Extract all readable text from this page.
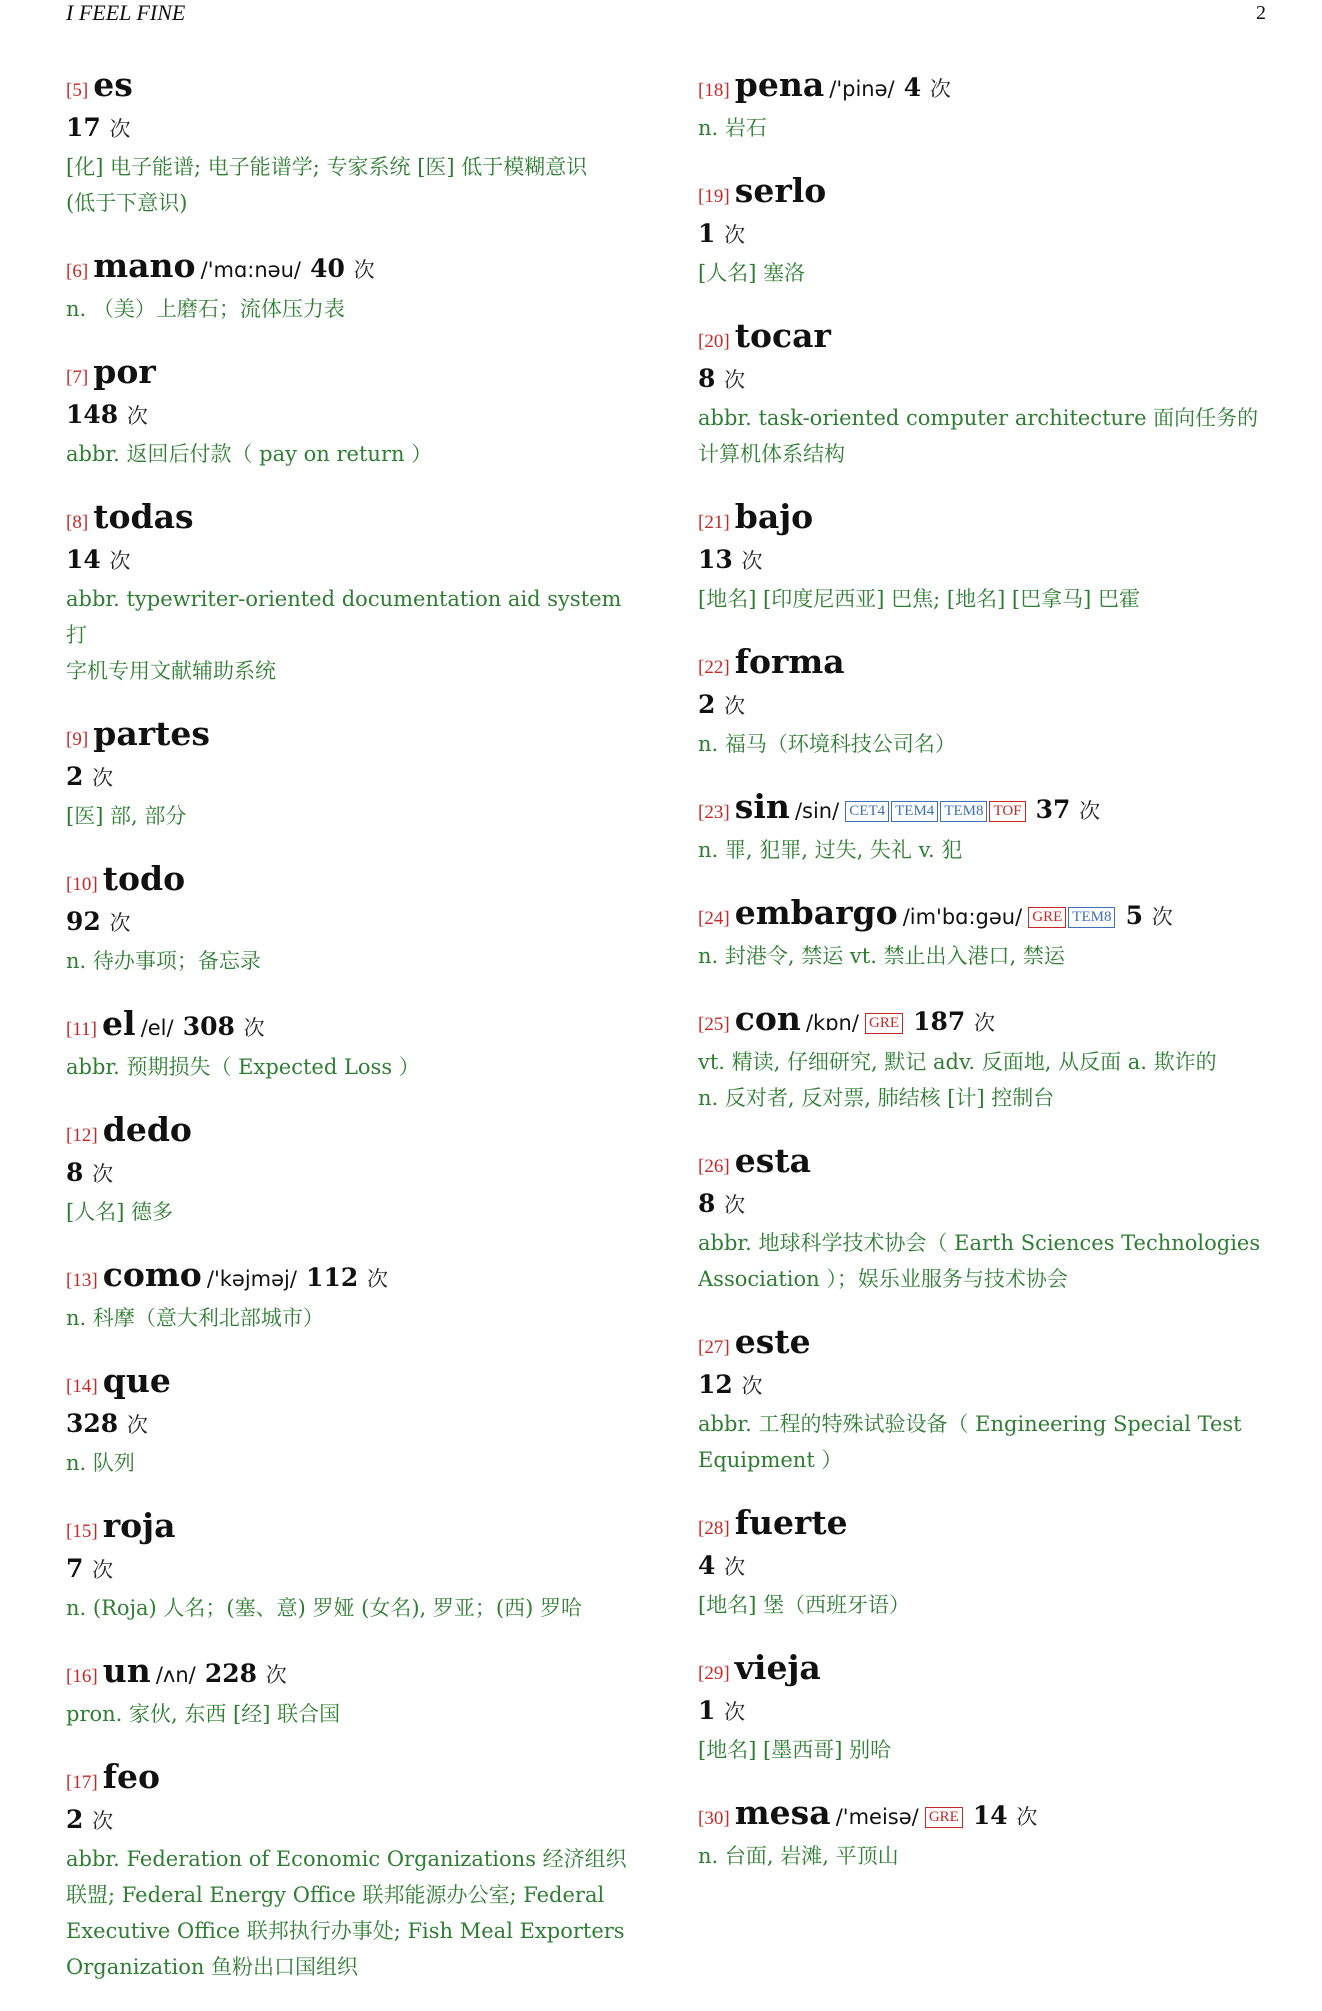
I FEEL FINE	2
[5] es
17 次
[化] 电子能谱; 电子能谱学; 专家系统 [医] 低于模糊意识
(低于下意识)
[6] mano /'mɑ:nəu/ 40 次
n. （美）上磨石；流体压力表
[7] por
148 次
abbr. 返回后付款（ pay on return ）
[8] todas
14 次
abbr. typewriter-oriented documentation aid system 打
字机专用文献辅助系统
[9] partes
2 次
[医] 部, 部分
[10] todo
92 次
n. 待办事项；备忘录
[11] el /el/ 308 次
abbr. 预期损失（ Expected Loss ）
[12] dedo
8 次
[人名] 德多
[13] como /'kəjməj/ 112 次
n. 科摩（意大利北部城市）
[14] que
328 次
n. 队列
[15] roja
7 次
n. (Roja) 人名；(塞、意) 罗娅 (女名), 罗亚；(西) 罗哈
[16] un /ʌn/ 228 次
pron. 家伙, 东西 [经] 联合国
[17] feo
2 次
abbr. Federation of Economic Organizations 经济组织
联盟; Federal Energy Office 联邦能源办公室; Federal
Executive Office 联邦执行办事处; Fish Meal Exporters
Organization 鱼粉出口国组织
[18] pena /'pinə/ 4 次
n. 岩石
[19] serlo
1 次
[人名] 塞洛
[20] tocar
8 次
abbr. task-oriented computer architecture 面向任务的
计算机体系结构
[21] bajo
13 次
[地名] [印度尼西亚] 巴焦; [地名] [巴拿马] 巴霍
[22] forma
2 次
n. 福马（环境科技公司名）
[23] sin /sin/ CET4 TEM4 TEM8 TOF 37 次
n. 罪, 犯罪, 过失, 失礼 v. 犯
[24] embargo /im'bɑ:gəu/ GRE TEM8 5 次
n. 封港令, 禁运 vt. 禁止出入港口, 禁运
[25] con /kɒn/ GRE 187 次
vt. 精读, 仔细研究, 默记 adv. 反面地, 从反面 a. 欺诈的
n. 反对者, 反对票, 肺结核 [计] 控制台
[26] esta
8 次
abbr. 地球科学技术协会（ Earth Sciences Technologies
Association ）；娱乐业服务与技术协会
[27] este
12 次
abbr. 工程的特殊试验设备（ Engineering Special Test
Equipment ）
[28] fuerte
4 次
[地名] 堡（西班牙语）
[29] vieja
1 次
[地名] [墨西哥] 别哈
[30] mesa /'meisə/ GRE 14 次
n. 台面, 岩滩, 平顶山
